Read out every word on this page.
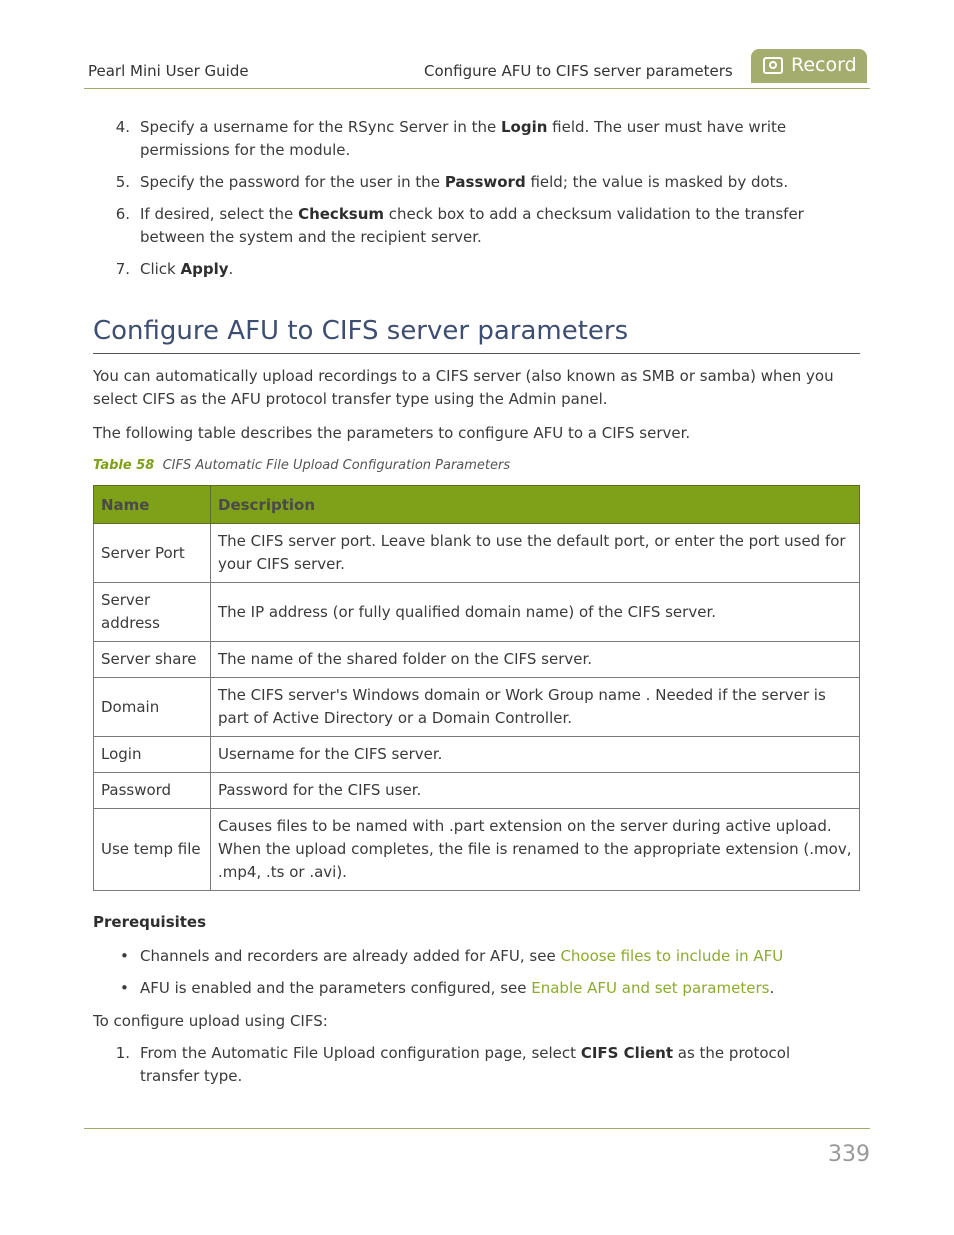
Pearl Mini User Guide	Configure AFU to CIFS server parameters	Record
4. Specify a username for the RSync Server in the Login field. The user must have write permissions for the module.
5. Specify the password for the user in the Password field; the value is masked by dots.
6. If desired, select the Checksum check box to add a checksum validation to the transfer between the system and the recipient server.
7. Click Apply.
Configure AFU to CIFS server parameters
You can automatically upload recordings to a CIFS server (also known as SMB or samba) when you select CIFS as the AFU protocol transfer type using the Admin panel.
The following table describes the parameters to configure AFU to a CIFS server.
Table 58 CIFS Automatic File Upload Configuration Parameters
Name	Description
Server Port	The CIFS server port. Leave blank to use the default port, or enter the port used for your CIFS server.
Server address	The IP address (or fully qualified domain name) of the CIFS server.
Server share	The name of the shared folder on the CIFS server.
Domain	The CIFS server's Windows domain or Work Group name . Needed if the server is part of Active Directory or a Domain Controller.
Login	Username for the CIFS server.
Password	Password for the CIFS user.
Use temp file	Causes files to be named with .part extension on the server during active upload. When the upload completes, the file is renamed to the appropriate extension (.mov, .mp4, .ts or .avi).
Prerequisites
• Channels and recorders are already added for AFU, see Choose files to include in AFU
• AFU is enabled and the parameters configured, see Enable AFU and set parameters.
To configure upload using CIFS:
1. From the Automatic File Upload configuration page, select CIFS Client as the protocol transfer type.
339
